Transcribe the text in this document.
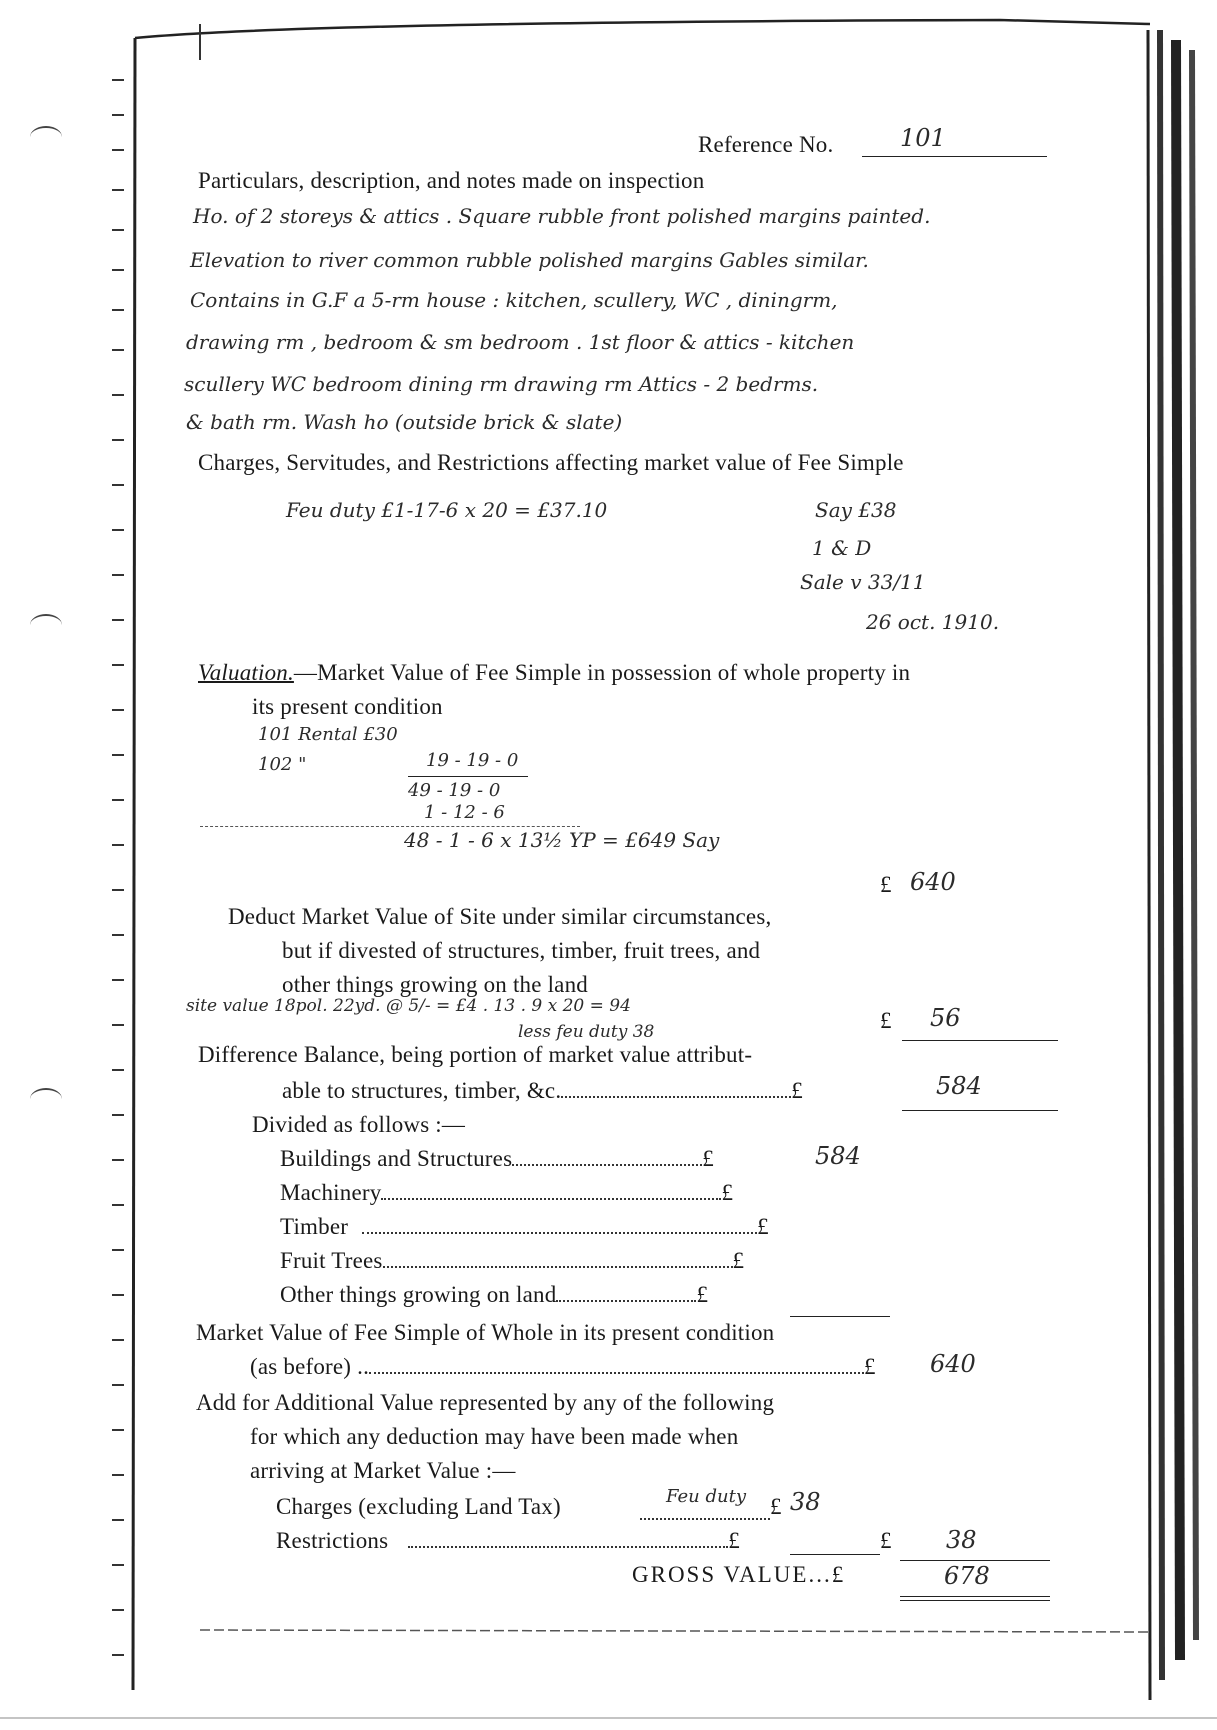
Reference No.	101
Particulars, description, and notes made on inspection
Ho. of 2 storeys & attics . Square rubble front polished margins painted.
Elevation to river common rubble polished margins Gables similar.
Contains in G.F a 5-rm house : kitchen, scullery, WC , diningrm,
drawing rm , bedroom & sm bedroom . 1st floor & attics - kitchen
scullery WC bedroom dining rm drawing rm Attics - 2 bedrms.
& bath rm. Wash ho (outside brick & slate)
Charges, Servitudes, and Restrictions affecting market value of Fee Simple
Feu duty £1-17-6 x 20 = £37.10	Say £38
1 & D
Sale v 33/11
26 oct. 1910.
Valuation.—Market Value of Fee Simple in possession of whole property in
its present condition
101 Rental £30
102 "	19 - 19 - 0
49 - 19 - 0
1 - 12 - 6
48 - 1 - 6 x 13½ YP = £649 Say
£ 640
Deduct Market Value of Site under similar circumstances,
but if divested of structures, timber, fruit trees, and
other things growing on the land
site value 18pol. 22yd. @ 5/- = £4 . 13 . 9 x 20 = 94
less feu duty 38	£ 56
Difference Balance, being portion of market value attribut-
able to structures, timber, &c.	£	584
Divided as follows :—
Buildings and Structures	£	584
Machinery	£
Timber	£
Fruit Trees	£
Other things growing on land	£
Market Value of Fee Simple of Whole in its present condition
(as before) ..	£ 640
Add for Additional Value represented by any of the following
for which any deduction may have been made when
arriving at Market Value :—
Charges (excluding Land Tax)	Feu duty £ 38
Restrictions	£	£ 38
GROSS VALUE...£	678
